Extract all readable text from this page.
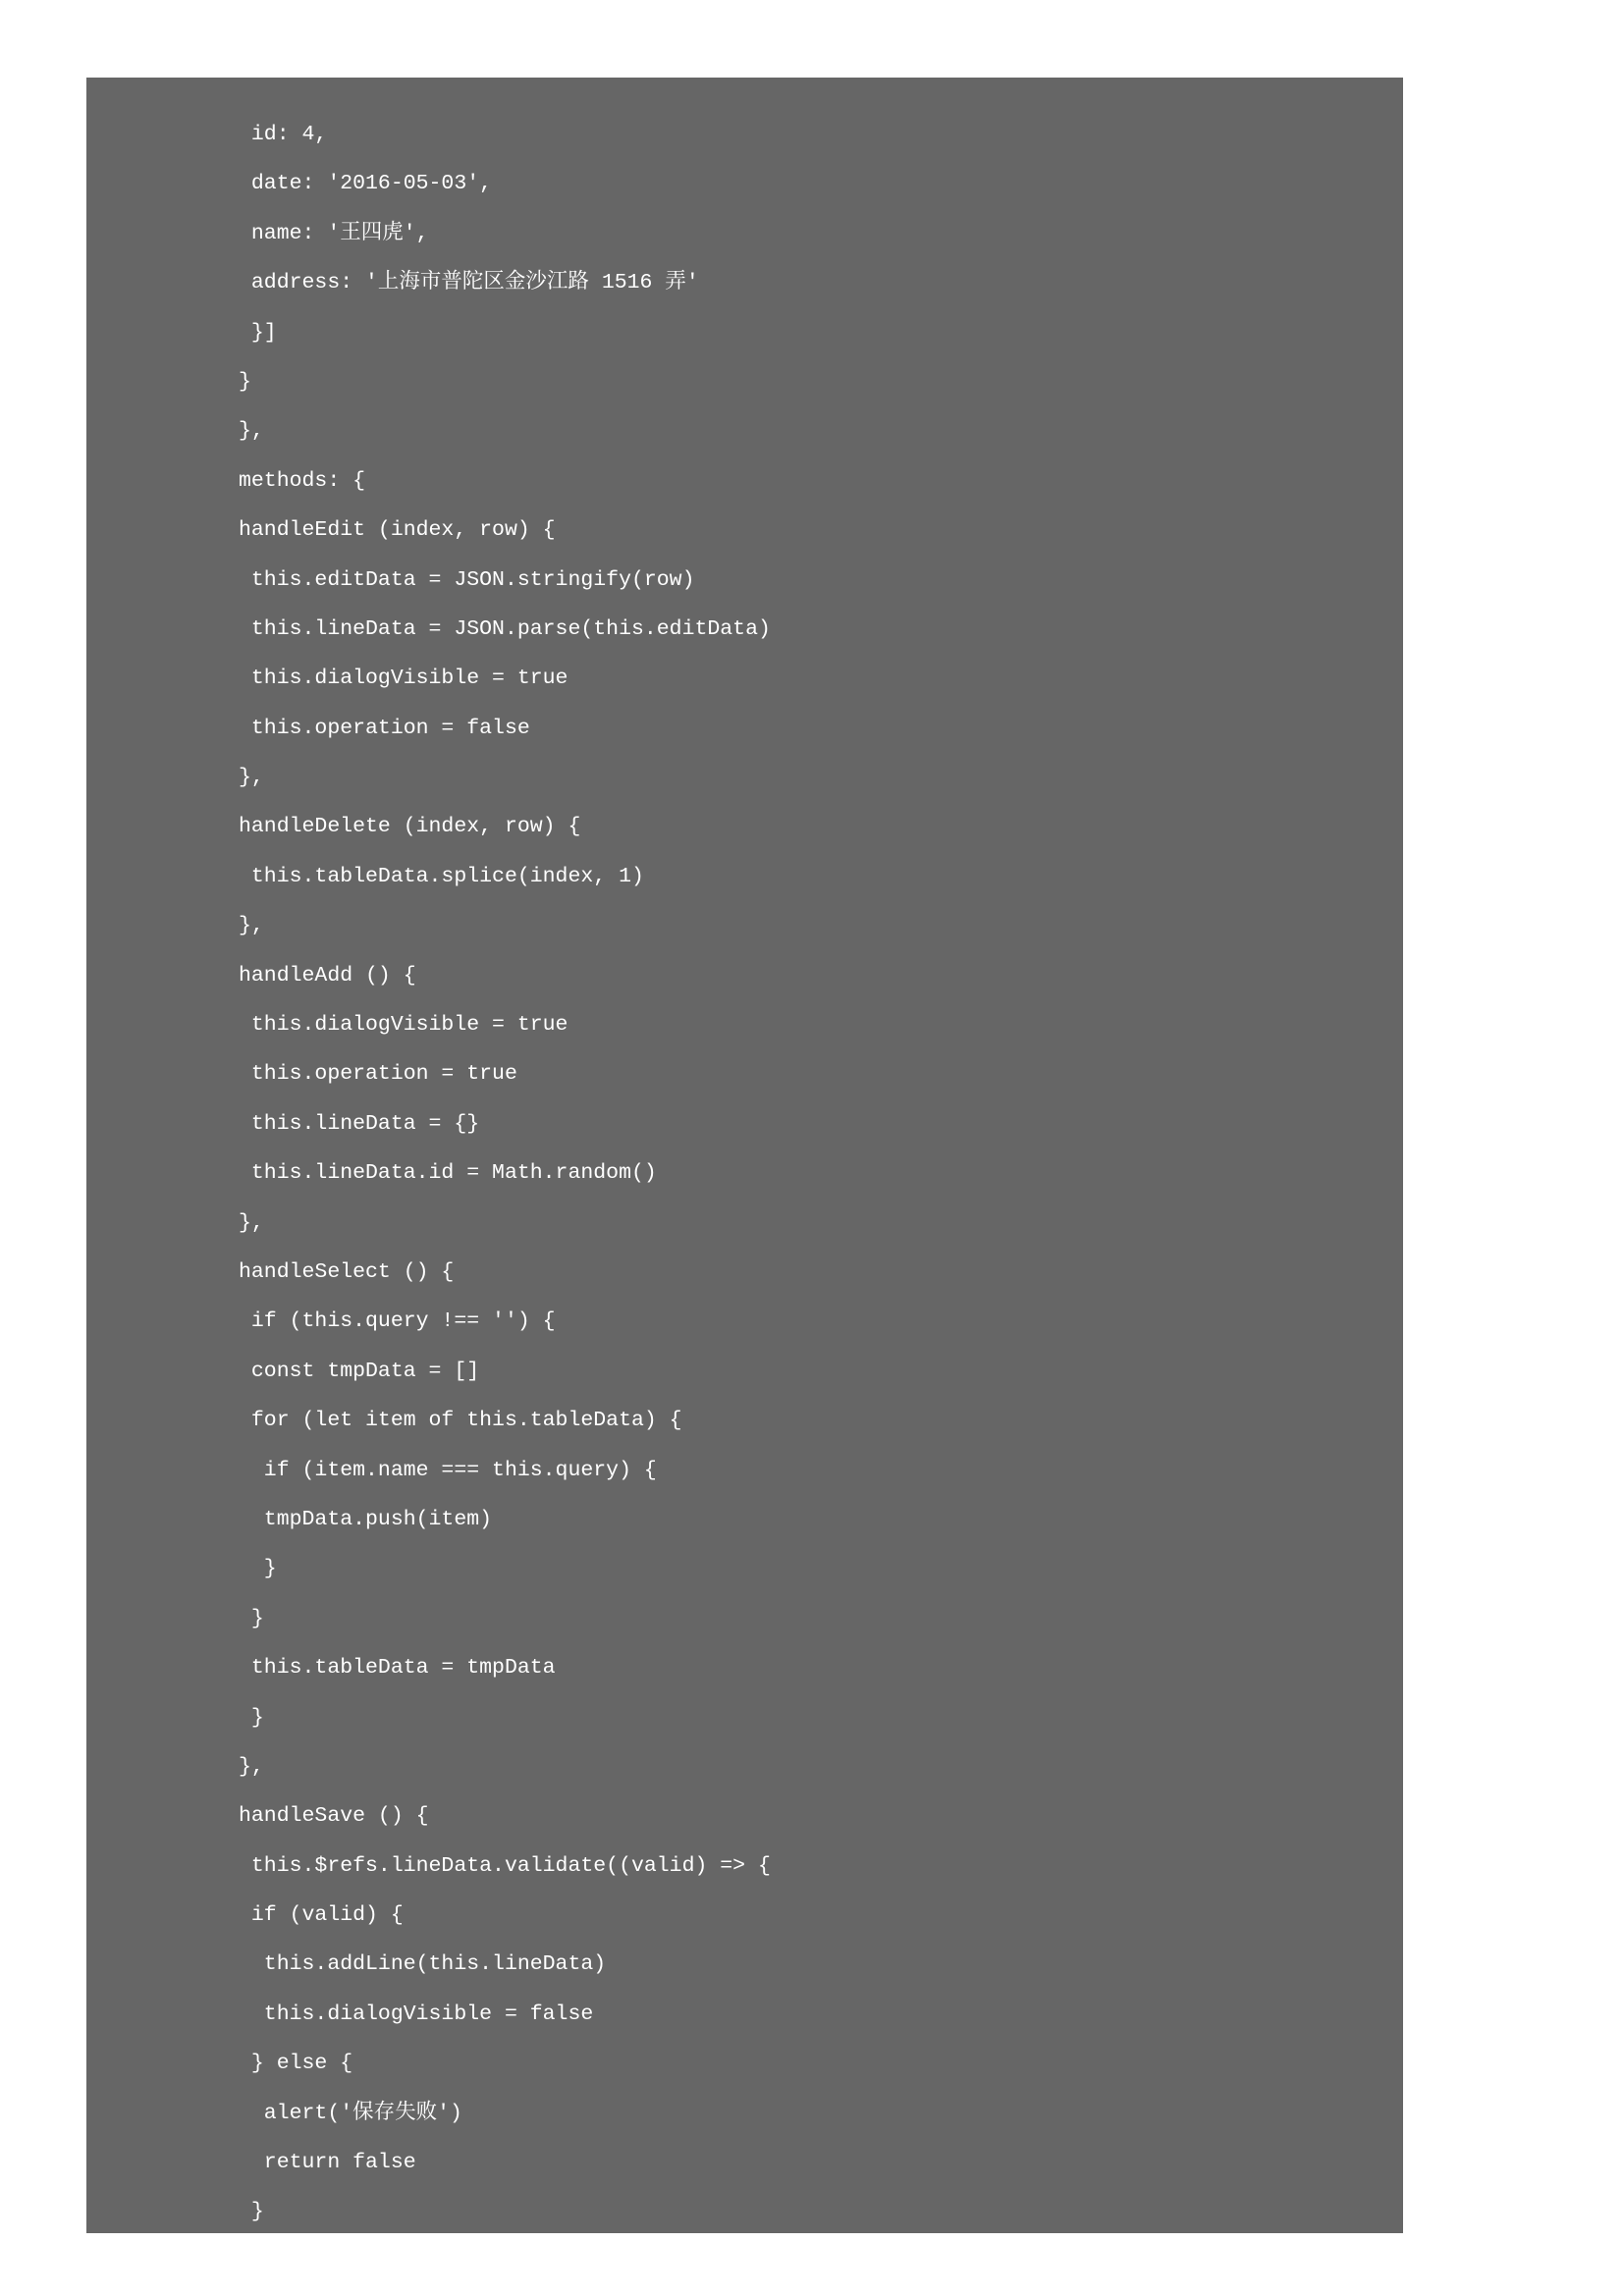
id: 4,
date: '2016-05-03',
name: '王四虎',
address: '上海市普陀区金沙江路 1516 弄'
}]
}
},
methods: {
handleEdit (index, row) {
this.editData = JSON.stringify(row)
this.lineData = JSON.parse(this.editData)
this.dialogVisible = true
this.operation = false
},
handleDelete (index, row) {
this.tableData.splice(index, 1)
},
handleAdd () {
this.dialogVisible = true
this.operation = true
this.lineData = {}
this.lineData.id = Math.random()
},
handleSelect () {
if (this.query !== '') {
const tmpData = []
for (let item of this.tableData) {
if (item.name === this.query) {
tmpData.push(item)
}
}
this.tableData = tmpData
}
},
handleSave () {
this.$refs.lineData.validate((valid) => {
if (valid) {
this.addLine(this.lineData)
this.dialogVisible = false
} else {
alert('保存失败')
return false
}
